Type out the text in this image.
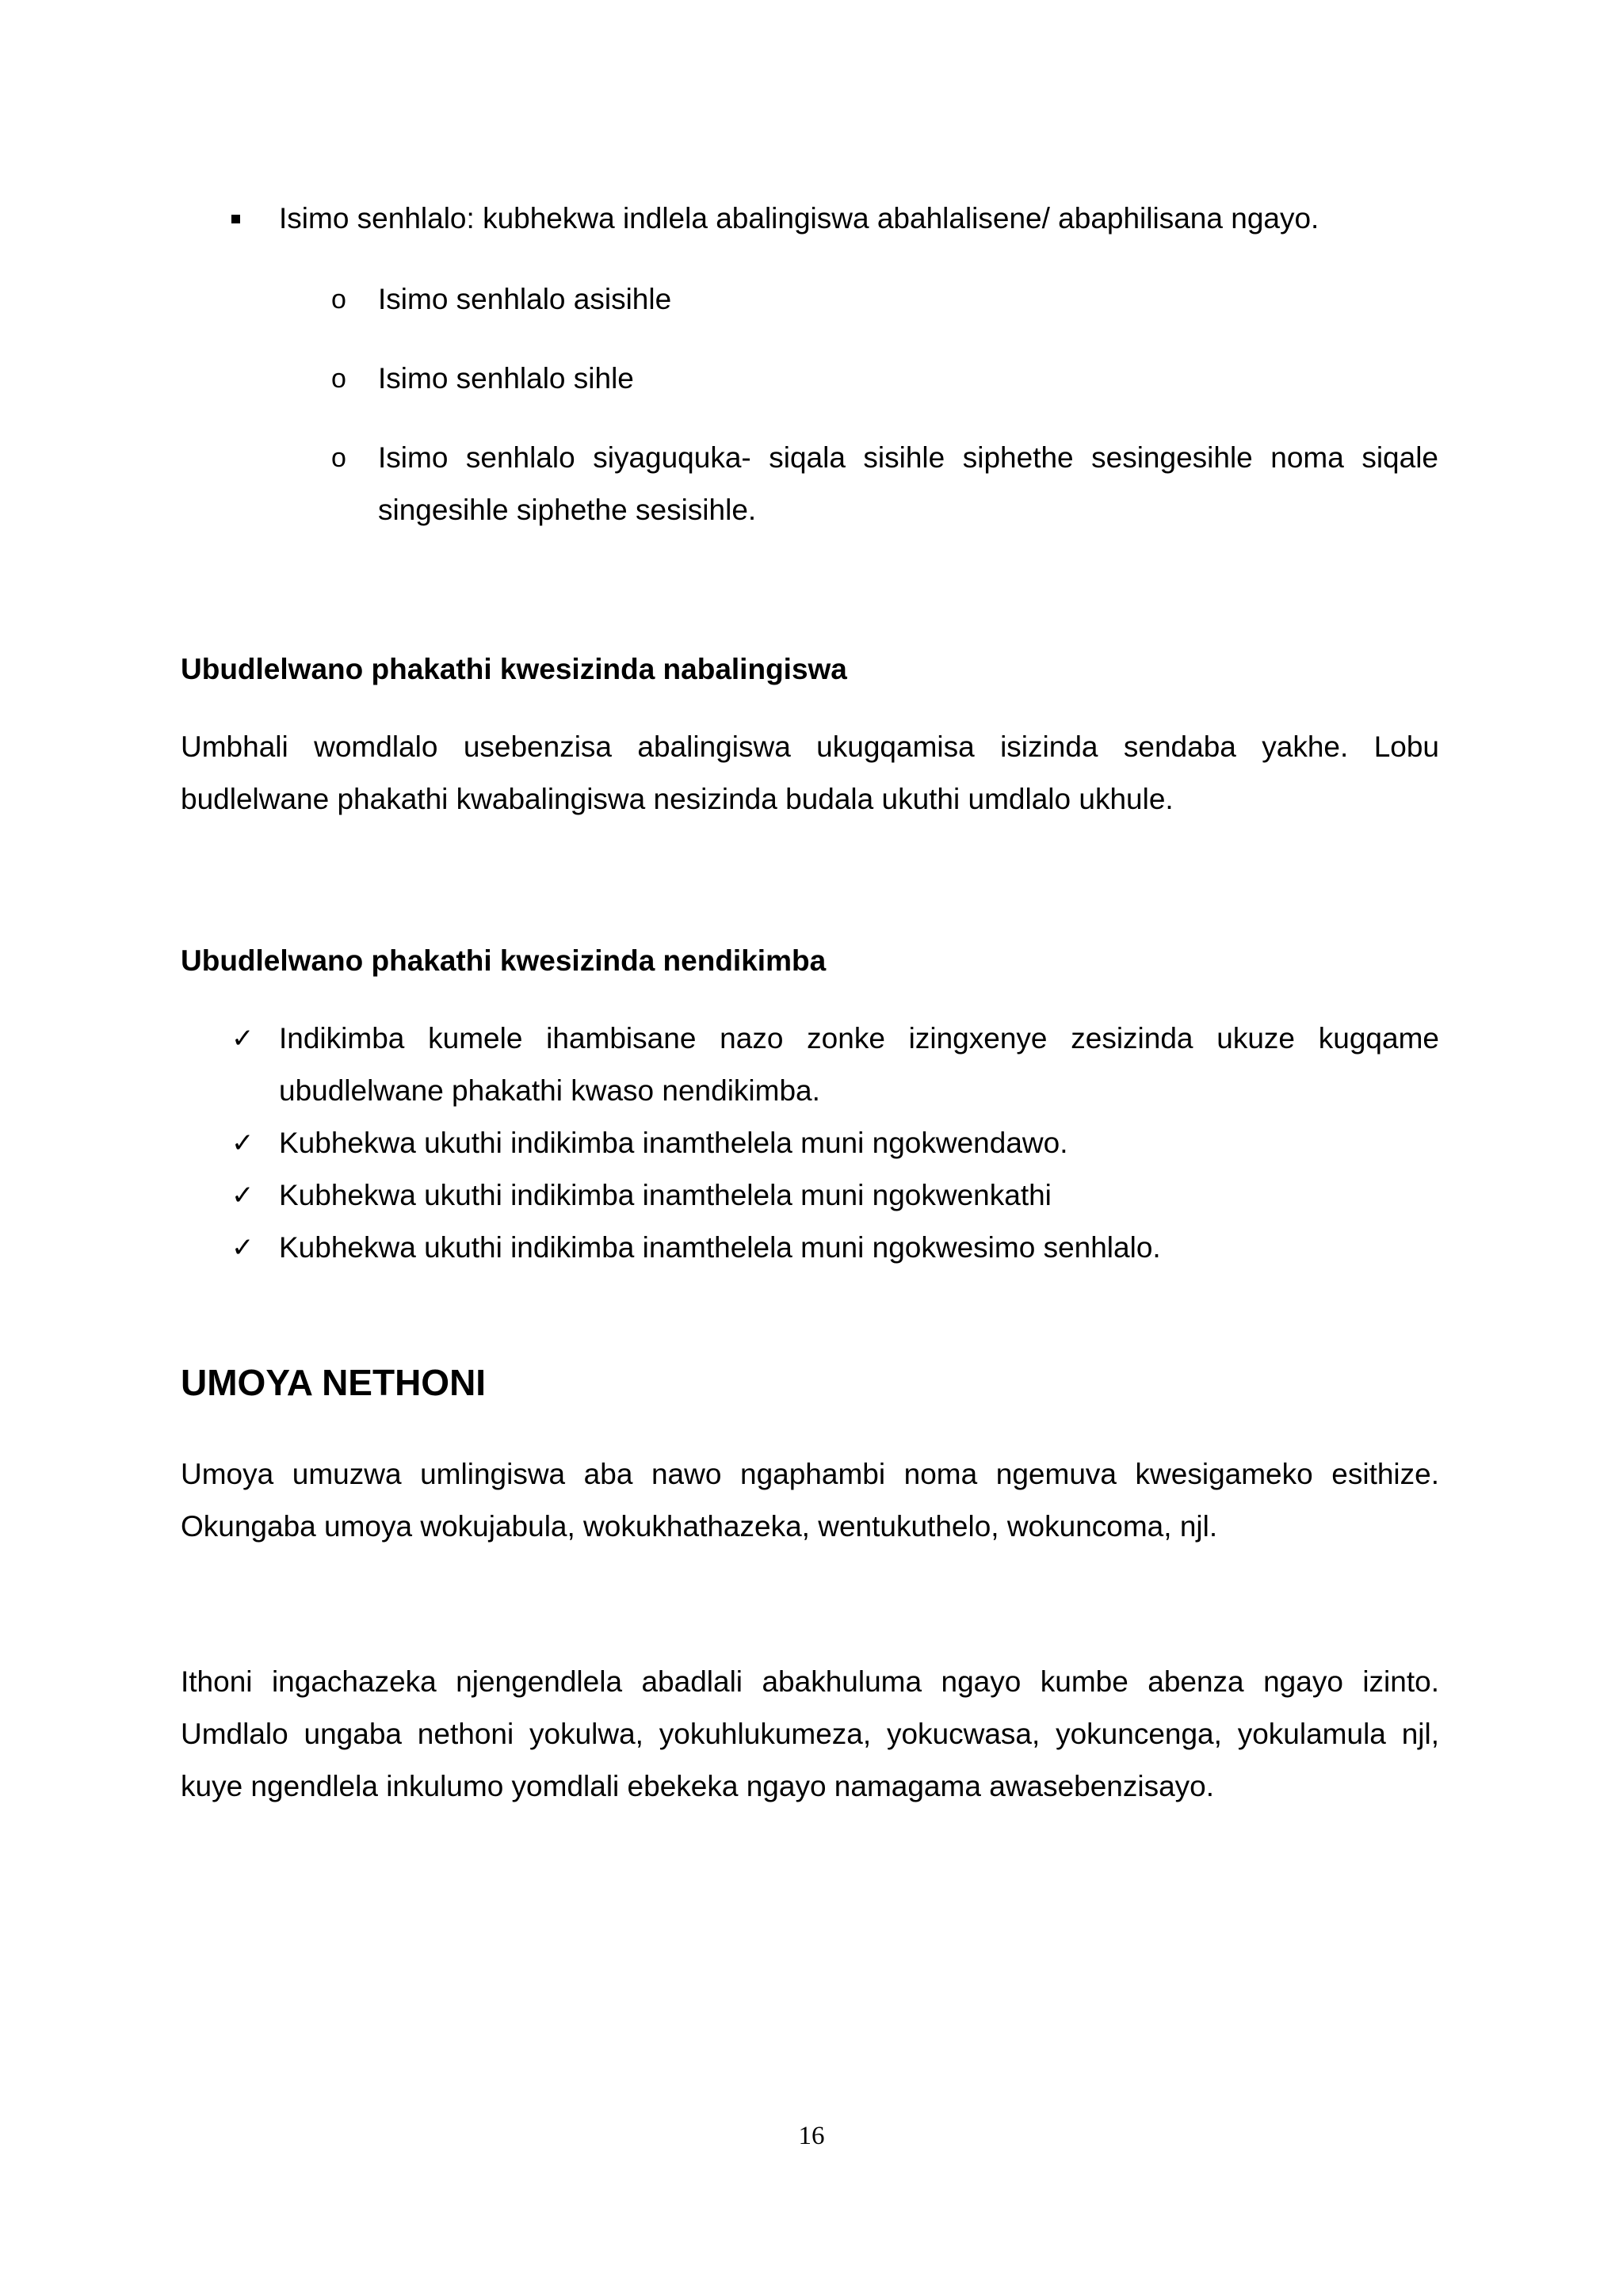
Isimo senhlalo: kubhekwa indlela abalingiswa abahlalisene/ abaphilisana ngayo.
o Isimo senhlalo asisihle
o Isimo senhlalo sihle
o Isimo senhlalo siyaguquka- siqala sisihle siphethe sesingesihle noma siqale singesihle siphethe sesisihle.
Ubudlelwano phakathi kwesizinda nabalingiswa
Umbhali womdlalo usebenzisa abalingiswa ukugqamisa isizinda sendaba yakhe. Lobu budlelwane phakathi kwabalingiswa nesizinda budala ukuthi umdlalo ukhule.
Ubudlelwano phakathi kwesizinda nendikimba
✓ Indikimba kumele ihambisane nazo zonke izingxenye zesizinda ukuze kugqame ubudlelwane phakathi kwaso nendikimba.
✓ Kubhekwa ukuthi indikimba inamthelela muni ngokwendawo.
✓ Kubhekwa ukuthi indikimba inamthelela muni ngokwenkathi
✓ Kubhekwa ukuthi indikimba inamthelela muni ngokwesimo senhlalo.
UMOYA NETHONI
Umoya umuzwa umlingiswa aba nawo ngaphambi noma ngemuva kwesigameko esithize. Okungaba umoya wokujabula, wokukhathazeka, wentukuthelo, wokuncoma, njl.
Ithoni ingachazeka njengendlela abadlali abakhuluma ngayo kumbe abenza ngayo izinto. Umdlalo ungaba nethoni yokulwa, yokuhlukumeza, yokucwasa, yokuncenga, yokulamula njl, kuye ngendlela inkulumo yomdlali ebekeka ngayo namagama awasebenzisayo.
16
